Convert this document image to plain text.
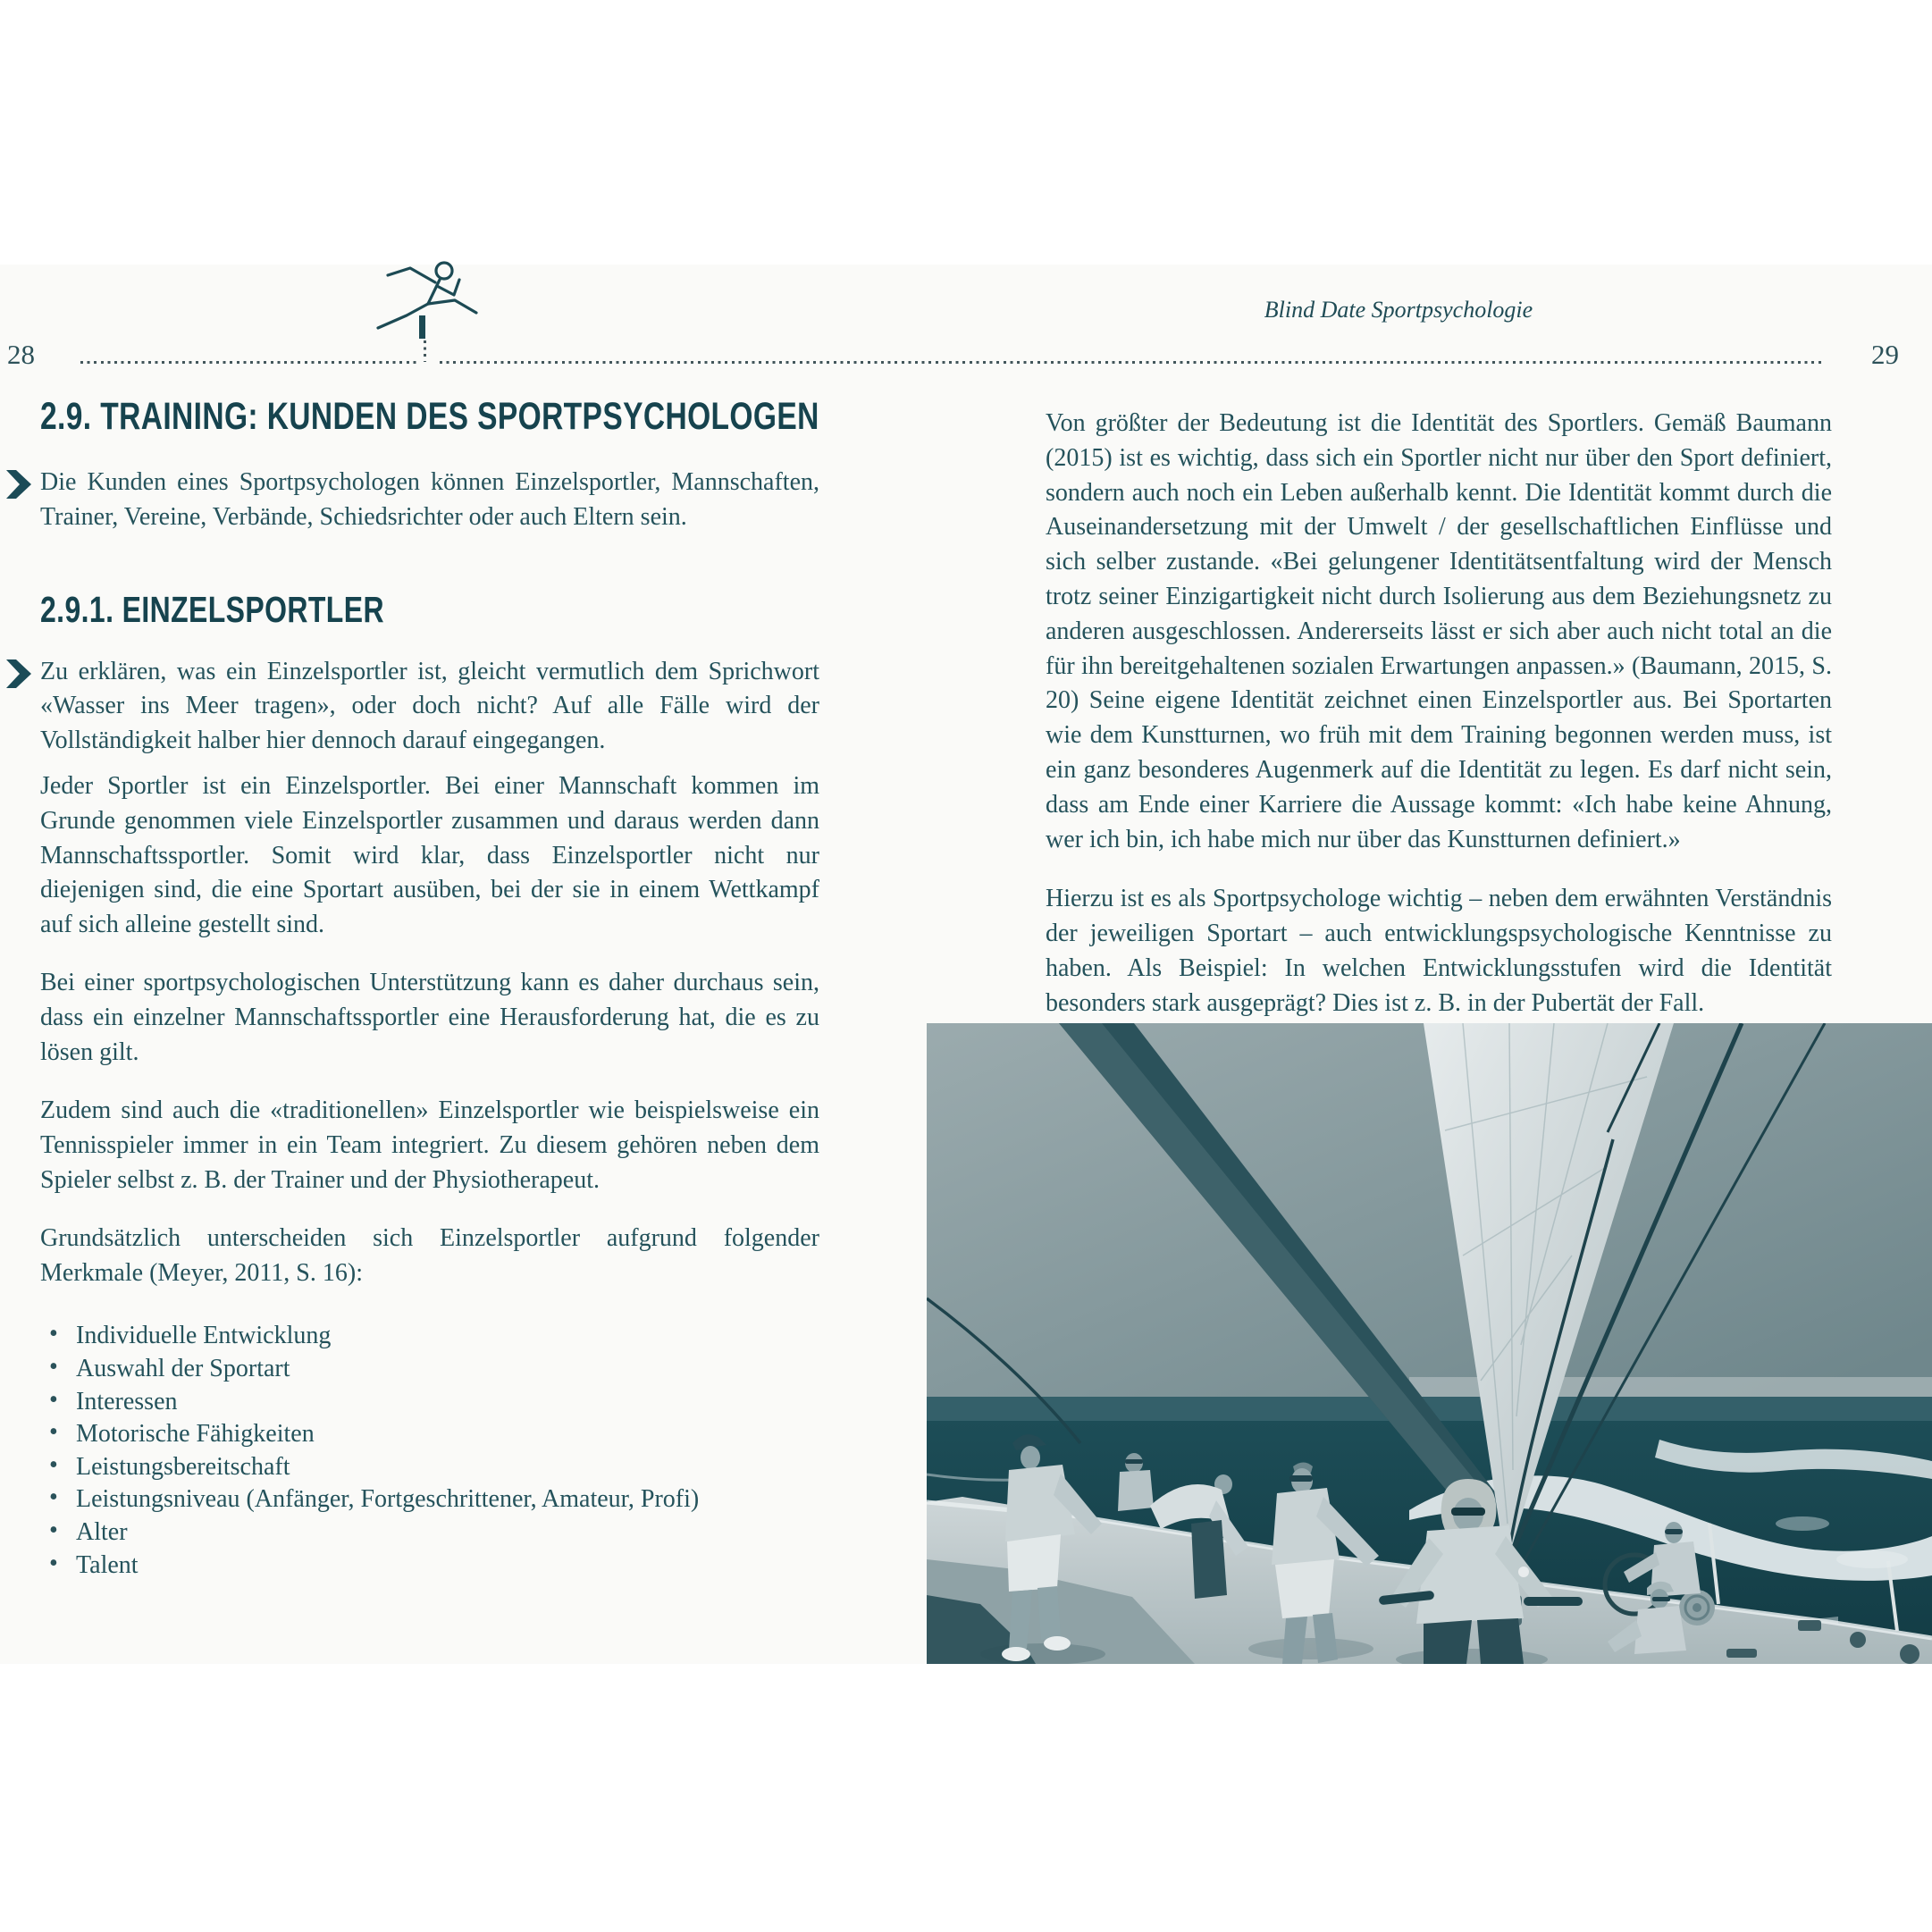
28	29
Blind Date Sportpsychologie
2.9. TRAINING: KUNDEN DES SPORTPSYCHOLOGEN

Die Kunden eines Sportpsychologen können Einzelsportler, Mannschaften, Trainer, Vereine, Verbände, Schiedsrichter oder auch Eltern sein.

2.9.1. EINZELSPORTLER

Zu erklären, was ein Einzelsportler ist, gleicht vermutlich dem Sprichwort «Wasser ins Meer tragen», oder doch nicht? Auf alle Fälle wird der Vollständigkeit halber hier dennoch darauf eingegangen.

Jeder Sportler ist ein Einzelsportler. Bei einer Mannschaft kommen im Grunde genommen viele Einzelsportler zusammen und daraus werden dann Mannschaftssportler. Somit wird klar, dass Einzelsportler nicht nur diejenigen sind, die eine Sportart ausüben, bei der sie in einem Wettkampf auf sich alleine gestellt sind.

Bei einer sportpsychologischen Unterstützung kann es daher durchaus sein, dass ein einzelner Mannschaftssportler eine Herausforderung hat, die es zu lösen gilt.

Zudem sind auch die «traditionellen» Einzelsportler wie beispielsweise ein Tennisspieler immer in ein Team integriert. Zu diesem gehören neben dem Spieler selbst z. B. der Trainer und der Physiotherapeut.

Grundsätzlich unterscheiden sich Einzelsportler aufgrund folgender Merkmale (Meyer, 2011, S. 16):

• Individuelle Entwicklung
• Auswahl der Sportart
• Interessen
• Motorische Fähigkeiten
• Leistungsbereitschaft
• Leistungsniveau (Anfänger, Fortgeschrittener, Amateur, Profi)
• Alter
• Talent

Von größter der Bedeutung ist die Identität des Sportlers. Gemäß Baumann (2015) ist es wichtig, dass sich ein Sportler nicht nur über den Sport definiert, sondern auch noch ein Leben außerhalb kennt. Die Identität kommt durch die Auseinandersetzung mit der Umwelt / der gesellschaftlichen Einflüsse und sich selber zustande. «Bei gelungener Identitätsentfaltung wird der Mensch trotz seiner Einzigartigkeit nicht durch Isolierung aus dem Beziehungsnetz zu anderen ausgeschlossen. Andererseits lässt er sich aber auch nicht total an die für ihn bereitgehaltenen sozialen Erwartungen anpassen.» (Baumann, 2015, S. 20) Seine eigene Identität zeichnet einen Einzelsportler aus. Bei Sportarten wie dem Kunstturnen, wo früh mit dem Training begonnen werden muss, ist ein ganz besonderes Augenmerk auf die Identität zu legen. Es darf nicht sein, dass am Ende einer Karriere die Aussage kommt: «Ich habe keine Ahnung, wer ich bin, ich habe mich nur über das Kunstturnen definiert.»

Hierzu ist es als Sportpsychologe wichtig – neben dem erwähnten Verständnis der jeweiligen Sportart – auch entwicklungspsychologische Kenntnisse zu haben. Als Beispiel: In welchen Entwicklungsstufen wird die Identität besonders stark ausgeprägt? Dies ist z. B. in der Pubertät der Fall.
